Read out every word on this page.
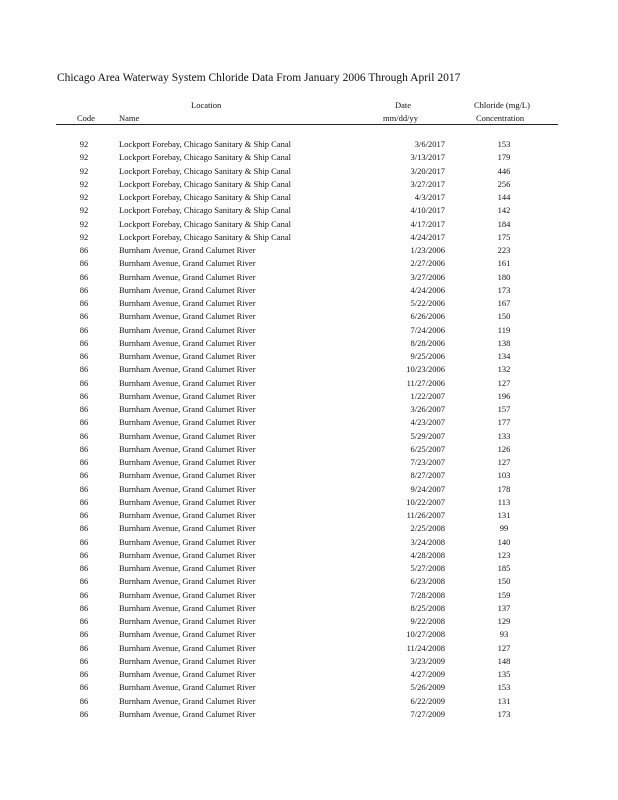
Chicago Area Waterway System Chloride Data From January 2006 Through April 2017
Location	Date	Chloride (mg/L)
Code	Name	mm/dd/yy	Concentration
92	Lockport Forebay, Chicago Sanitary & Ship Canal	3/6/2017	153
92	Lockport Forebay, Chicago Sanitary & Ship Canal	3/13/2017	179
92	Lockport Forebay, Chicago Sanitary & Ship Canal	3/20/2017	446
92	Lockport Forebay, Chicago Sanitary & Ship Canal	3/27/2017	256
92	Lockport Forebay, Chicago Sanitary & Ship Canal	4/3/2017	144
92	Lockport Forebay, Chicago Sanitary & Ship Canal	4/10/2017	142
92	Lockport Forebay, Chicago Sanitary & Ship Canal	4/17/2017	184
92	Lockport Forebay, Chicago Sanitary & Ship Canal	4/24/2017	175
86	Burnham Avenue, Grand Calumet River	1/23/2006	223
86	Burnham Avenue, Grand Calumet River	2/27/2006	161
86	Burnham Avenue, Grand Calumet River	3/27/2006	180
86	Burnham Avenue, Grand Calumet River	4/24/2006	173
86	Burnham Avenue, Grand Calumet River	5/22/2006	167
86	Burnham Avenue, Grand Calumet River	6/26/2006	150
86	Burnham Avenue, Grand Calumet River	7/24/2006	119
86	Burnham Avenue, Grand Calumet River	8/28/2006	138
86	Burnham Avenue, Grand Calumet River	9/25/2006	134
86	Burnham Avenue, Grand Calumet River	10/23/2006	132
86	Burnham Avenue, Grand Calumet River	11/27/2006	127
86	Burnham Avenue, Grand Calumet River	1/22/2007	196
86	Burnham Avenue, Grand Calumet River	3/26/2007	157
86	Burnham Avenue, Grand Calumet River	4/23/2007	177
86	Burnham Avenue, Grand Calumet River	5/29/2007	133
86	Burnham Avenue, Grand Calumet River	6/25/2007	126
86	Burnham Avenue, Grand Calumet River	7/23/2007	127
86	Burnham Avenue, Grand Calumet River	8/27/2007	103
86	Burnham Avenue, Grand Calumet River	9/24/2007	178
86	Burnham Avenue, Grand Calumet River	10/22/2007	113
86	Burnham Avenue, Grand Calumet River	11/26/2007	131
86	Burnham Avenue, Grand Calumet River	2/25/2008	99
86	Burnham Avenue, Grand Calumet River	3/24/2008	140
86	Burnham Avenue, Grand Calumet River	4/28/2008	123
86	Burnham Avenue, Grand Calumet River	5/27/2008	185
86	Burnham Avenue, Grand Calumet River	6/23/2008	150
86	Burnham Avenue, Grand Calumet River	7/28/2008	159
86	Burnham Avenue, Grand Calumet River	8/25/2008	137
86	Burnham Avenue, Grand Calumet River	9/22/2008	129
86	Burnham Avenue, Grand Calumet River	10/27/2008	93
86	Burnham Avenue, Grand Calumet River	11/24/2008	127
86	Burnham Avenue, Grand Calumet River	3/23/2009	148
86	Burnham Avenue, Grand Calumet River	4/27/2009	135
86	Burnham Avenue, Grand Calumet River	5/26/2009	153
86	Burnham Avenue, Grand Calumet River	6/22/2009	131
86	Burnham Avenue, Grand Calumet River	7/27/2009	173
